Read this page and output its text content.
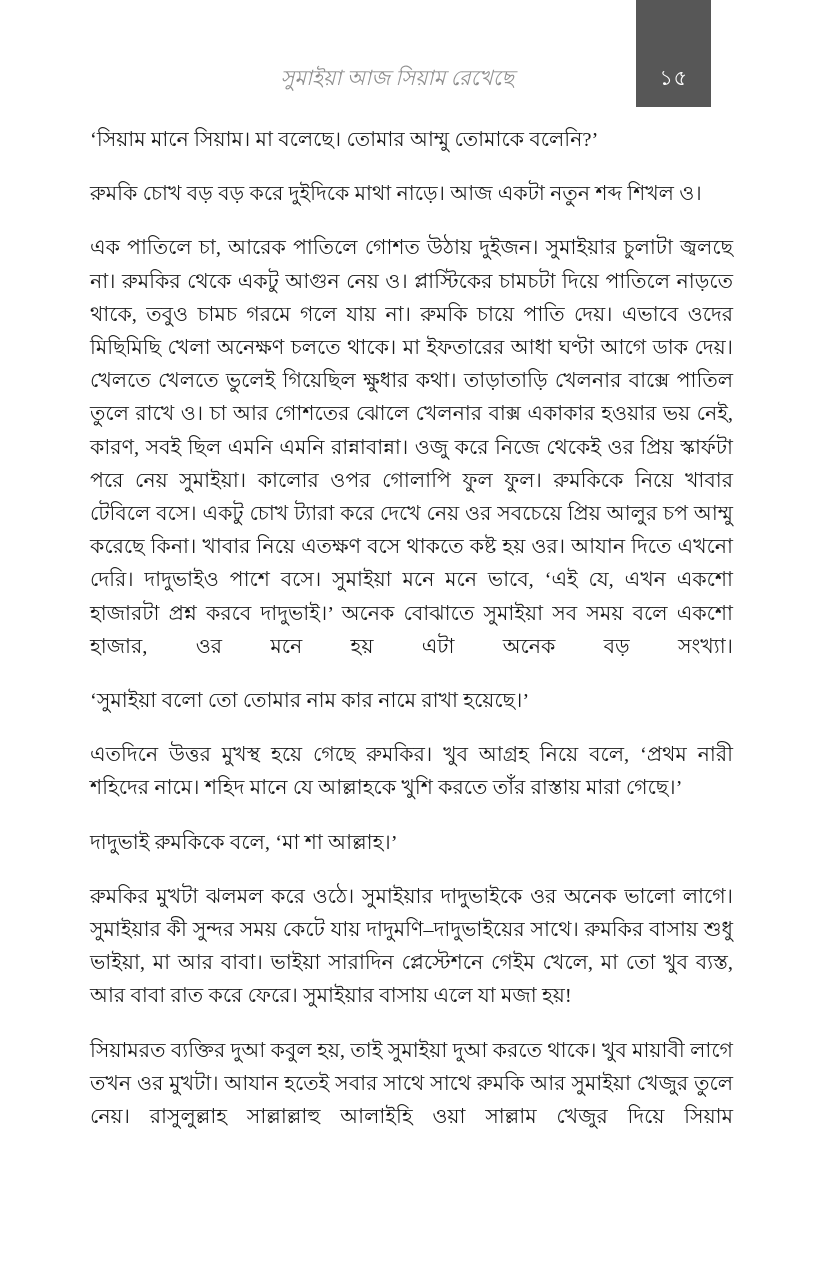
সুমাইয়া আজ সিয়াম রেখেছে	১৫

‘সিয়াম মানে সিয়াম। মা বলেছে। তোমার আম্মু তোমাকে বলেনি?’

রুমকি চোখ বড় বড় করে দুইদিকে মাথা নাড়ে। আজ একটা নতুন শব্দ শিখল ও।

এক পাতিলে চা, আরেক পাতিলে গোশত উঠায় দুইজন। সুমাইয়ার চুলাটা জ্বলছে না। রুমকির থেকে একটু আগুন নেয় ও। প্লাস্টিকের চামচটা দিয়ে পাতিলে নাড়তে থাকে, তবুও চামচ গরমে গলে যায় না। রুমকি চায়ে পাতি দেয়। এভাবে ওদের মিছিমিছি খেলা অনেক্ষণ চলতে থাকে। মা ইফতারের আধা ঘণ্টা আগে ডাক দেয়। খেলতে খেলতে ভুলেই গিয়েছিল ক্ষুধার কথা। তাড়াতাড়ি খেলনার বাক্সে পাতিল তুলে রাখে ও। চা আর গোশতের ঝোলে খেলনার বাক্স একাকার হওয়ার ভয় নেই, কারণ, সবই ছিল এমনি এমনি রান্নাবান্না। ওজু করে নিজে থেকেই ওর প্রিয় স্কার্ফটা পরে নেয় সুমাইয়া। কালোর ওপর গোলাপি ফুল ফুল। রুমকিকে নিয়ে খাবার টেবিলে বসে। একটু চোখ ট্যারা করে দেখে নেয় ওর সবচেয়ে প্রিয় আলুর চপ আম্মু করেছে কিনা। খাবার নিয়ে এতক্ষণ বসে থাকতে কষ্ট হয় ওর। আযান দিতে এখনো দেরি। দাদুভাইও পাশে বসে। সুমাইয়া মনে মনে ভাবে, ‘এই যে, এখন একশো হাজারটা প্রশ্ন করবে দাদুভাই।’ অনেক বোঝাতে সুমাইয়া সব সময় বলে একশো হাজার, ওর মনে হয় এটা অনেক বড় সংখ্যা।

‘সুমাইয়া বলো তো তোমার নাম কার নামে রাখা হয়েছে।’

এতদিনে উত্তর মুখস্থ হয়ে গেছে রুমকির। খুব আগ্রহ নিয়ে বলে, ‘প্রথম নারী শহিদের নামে। শহিদ মানে যে আল্লাহকে খুশি করতে তাঁর রাস্তায় মারা গেছে।’

দাদুভাই রুমকিকে বলে, ‘মা শা আল্লাহ।’

রুমকির মুখটা ঝলমল করে ওঠে। সুমাইয়ার দাদুভাইকে ওর অনেক ভালো লাগে। সুমাইয়ার কী সুন্দর সময় কেটে যায় দাদুমণি–দাদুভাইয়ের সাথে। রুমকির বাসায় শুধু ভাইয়া, মা আর বাবা। ভাইয়া সারাদিন প্লেস্টেশনে গেইম খেলে, মা তো খুব ব্যস্ত, আর বাবা রাত করে ফেরে। সুমাইয়ার বাসায় এলে যা মজা হয়!

সিয়ামরত ব্যক্তির দুআ কবুল হয়, তাই সুমাইয়া দুআ করতে থাকে। খুব মায়াবী লাগে তখন ওর মুখটা। আযান হতেই সবার সাথে সাথে রুমকি আর সুমাইয়া খেজুর তুলে নেয়। রাসুলুল্লাহ সাল্লাল্লাহু আলাইহি ওয়া সাল্লাম খেজুর দিয়ে সিয়াম
